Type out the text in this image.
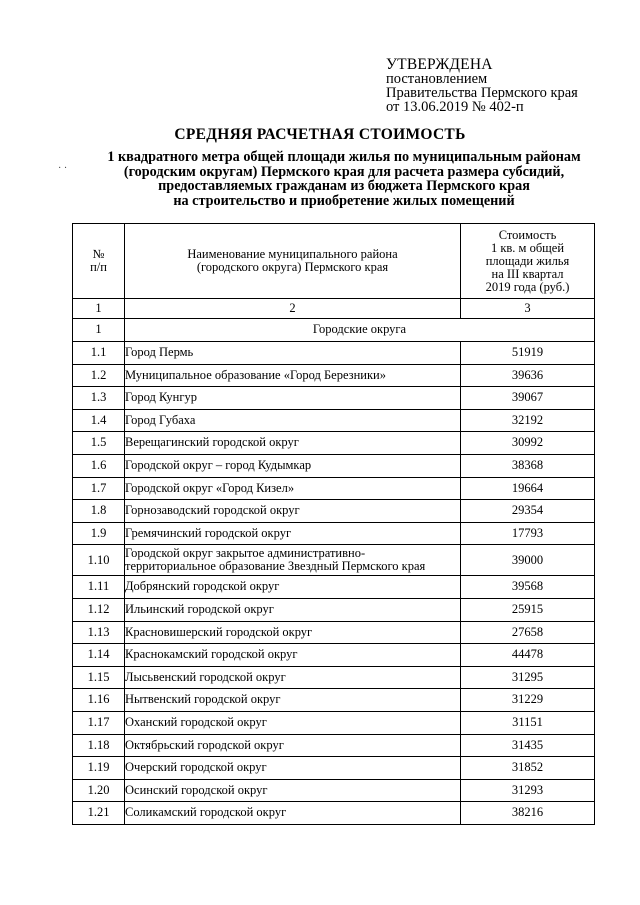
УТВЕРЖДЕНА
постановлением
Правительства Пермского края
от 13.06.2019 № 402-п
СРЕДНЯЯ РАСЧЕТНАЯ СТОИМОСТЬ
· ·
1 квадратного метра общей площади жилья по муниципальным районам
(городским округам) Пермского края для расчета размера субсидий,
предоставляемых гражданам из бюджета Пермского края
на строительство и приобретение жилых помещений
№
п/п	Наименование муниципального района
(городского округа) Пермского края	Стоимость
1 кв. м общей
площади жилья
на III квартал
2019 года (руб.)
1	2	3
1	Городские округа	
1.1	Город Пермь	51919
1.2	Муниципальное образование «Город Березники»	39636
1.3	Город Кунгур	39067
1.4	Город Губаха	32192
1.5	Верещагинский городской округ	30992
1.6	Городской округ – город Кудымкар	38368
1.7	Городской округ «Город Кизел»	19664
1.8	Горнозаводский городской округ	29354
1.9	Гремячинский городской округ	17793
1.10	Городской округ закрытое административно-
территориальное образование Звездный Пермского края	39000
1.11	Добрянский городской округ	39568
1.12	Ильинский городской округ	25915
1.13	Красновишерский городской округ	27658
1.14	Краснокамский городской округ	44478
1.15	Лысьвенский городской округ	31295
1.16	Нытвенский городской округ	31229
1.17	Оханский городской округ	31151
1.18	Октябрьский городской округ	31435
1.19	Очерский городской округ	31852
1.20	Осинский городской округ	31293
1.21	Соликамский городской округ	38216
